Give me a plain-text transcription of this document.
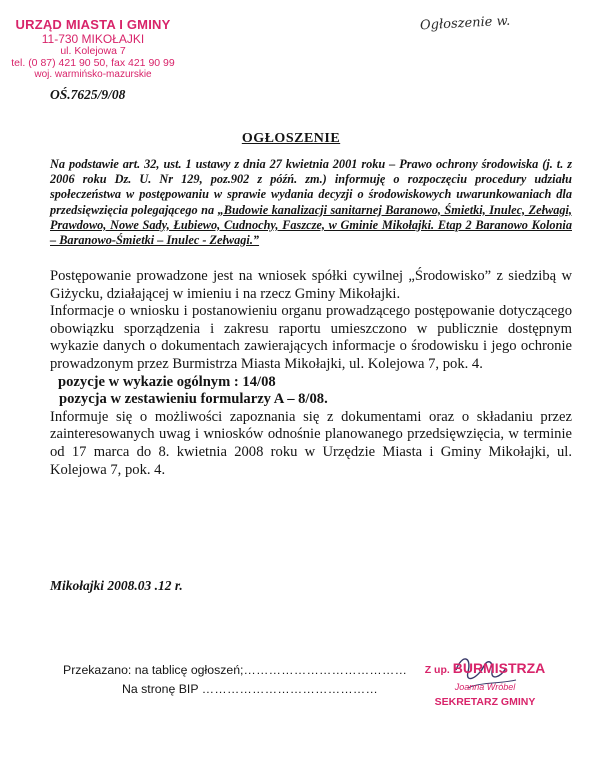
URZĄD MIASTA I GMINY
11-730 MIKOŁAJKI
ul. Kolejowa 7
tel. (0 87) 421 90 50, fax 421 90 99
woj. warmińsko-mazurskie
Ogłoszenie w.
OŚ.7625/9/08
OGŁOSZENIE
Na podstawie art. 32, ust. 1 ustawy z dnia 27 kwietnia 2001 roku – Prawo ochrony środowiska (j. t. z 2006 roku Dz. U. Nr 129, poz.902 z późń. zm.) informuję o rozpoczęciu procedury udziału społeczeństwa w postępowaniu w sprawie wydania decyzji o środowiskowych uwarunkowaniach dla przedsięwzięcia polegającego na „Budowie kanalizacji sanitarnej Baranowo, Śmietki, Inulec, Zełwagi, Prawdowo, Nowe Sady, Łubiewo, Cudnochy, Faszcze, w Gminie Mikołajki. Etap 2 Baranowo Kolonia – Baranowo-Śmietki – Inulec - Zełwagi.”

Postępowanie prowadzone jest na wniosek spółki cywilnej „Środowisko” z siedzibą w Giżycku, działającej w imieniu i na rzecz Gminy Mikołajki.

Informacje o wniosku i postanowieniu organu prowadzącego postępowanie dotyczącego obowiązku sporządzenia i zakresu raportu umieszczono w publicznie dostępnym wykazie danych o dokumentach zawierających informacje o środowisku i jego ochronie prowadzonym przez Burmistrza Miasta Mikołajki, ul. Kolejowa 7, pok. 4.

pozycje w wykazie ogólnym : 14/08

pozycja w zestawieniu formularzy A – 8/08.

Informuje się o możliwości zapoznania się z dokumentami oraz o składaniu przez zainteresowanych uwag i wniosków odnośnie planowanego przedsięwzięcia, w terminie od 17 marca do 8. kwietnia 2008 roku w Urzędzie Miasta i Gminy Mikołajki, ul. Kolejowa 7, pok. 4.

Mikołajki 2008.03 .12 r.
Przekazano: na tablicę ogłoszeń;…………………………………
Na stronę BIP ……………………………………
Z up. BURMISTRZA
Joanna Wróbel
SEKRETARZ GMINY
